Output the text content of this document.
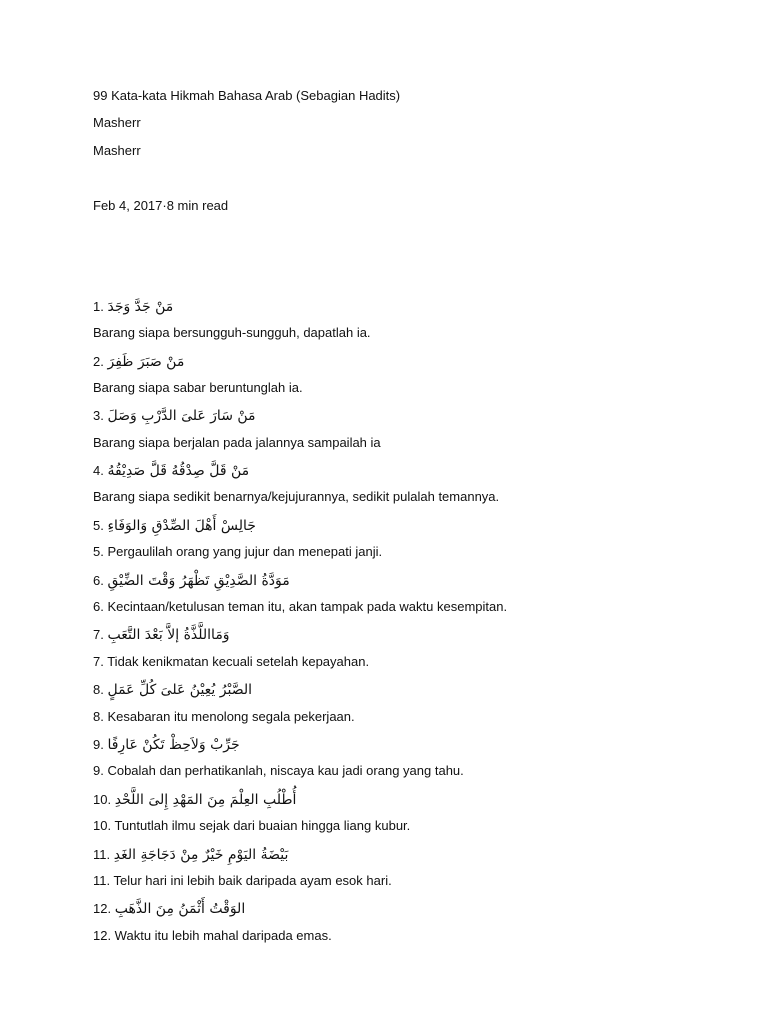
99 Kata-kata Hikmah Bahasa Arab (Sebagian Hadits)
Masherr
Masherr
Feb 4, 2017·8 min read
1. مَنْ جَدَّ وَجَدَ
Barang siapa bersungguh-sungguh, dapatlah ia.
2. مَنْ صَبَرَ ظَفِرَ
Barang siapa sabar beruntunglah ia.
3. مَنْ سَارَ عَلىَ الدَّرْبِ وَصَلَ
Barang siapa berjalan pada jalannya sampailah ia
4. مَنْ قَلَّ صِدْقُهُ قَلَّ صَدِيْقُهُ
Barang siapa sedikit benarnya/kejujurannya, sedikit pulalah temannya.
5. جَالِسْ أَهْلَ الصِّدْقِ وَالوَفَاءِ
5. Pergaulilah orang yang jujur dan menepati janji.
6. مَوَدَّةُ الصَّدِيْقِ تَظْهَرُ وَقْتَ الضِّيْقِ
6. Kecintaan/ketulusan teman itu, akan tampak pada waktu kesempitan.
7. وَمَااللَّذَّةُ إلاَّ بَعْدَ التَّعَبِ
7. Tidak kenikmatan kecuali setelah kepayahan.
8. الصَّبْرُ يُعِيْنُ عَلىَ كُلِّ عَمَلٍ
8. Kesabaran itu menolong segala pekerjaan.
9. جَرِّبْ وَلاَحِظْ تَكُنْ عَارِفًا
9. Cobalah dan perhatikanlah, niscaya kau jadi orang yang tahu.
10. أُطْلُبِ العِلْمَ مِنَ المَهْدِ إِلىَ اللَّحْدِ
10. Tuntutlah ilmu sejak dari buaian hingga liang kubur.
11. بَيْضَةُ اليَوْمِ خَيْرٌ مِنْ دَجَاجَةِ الغَدِ
11. Telur hari ini lebih baik daripada ayam esok hari.
12. الوَقْتُ أَثْمَنُ مِنَ الذَّهَبِ
12. Waktu itu lebih mahal daripada emas.
